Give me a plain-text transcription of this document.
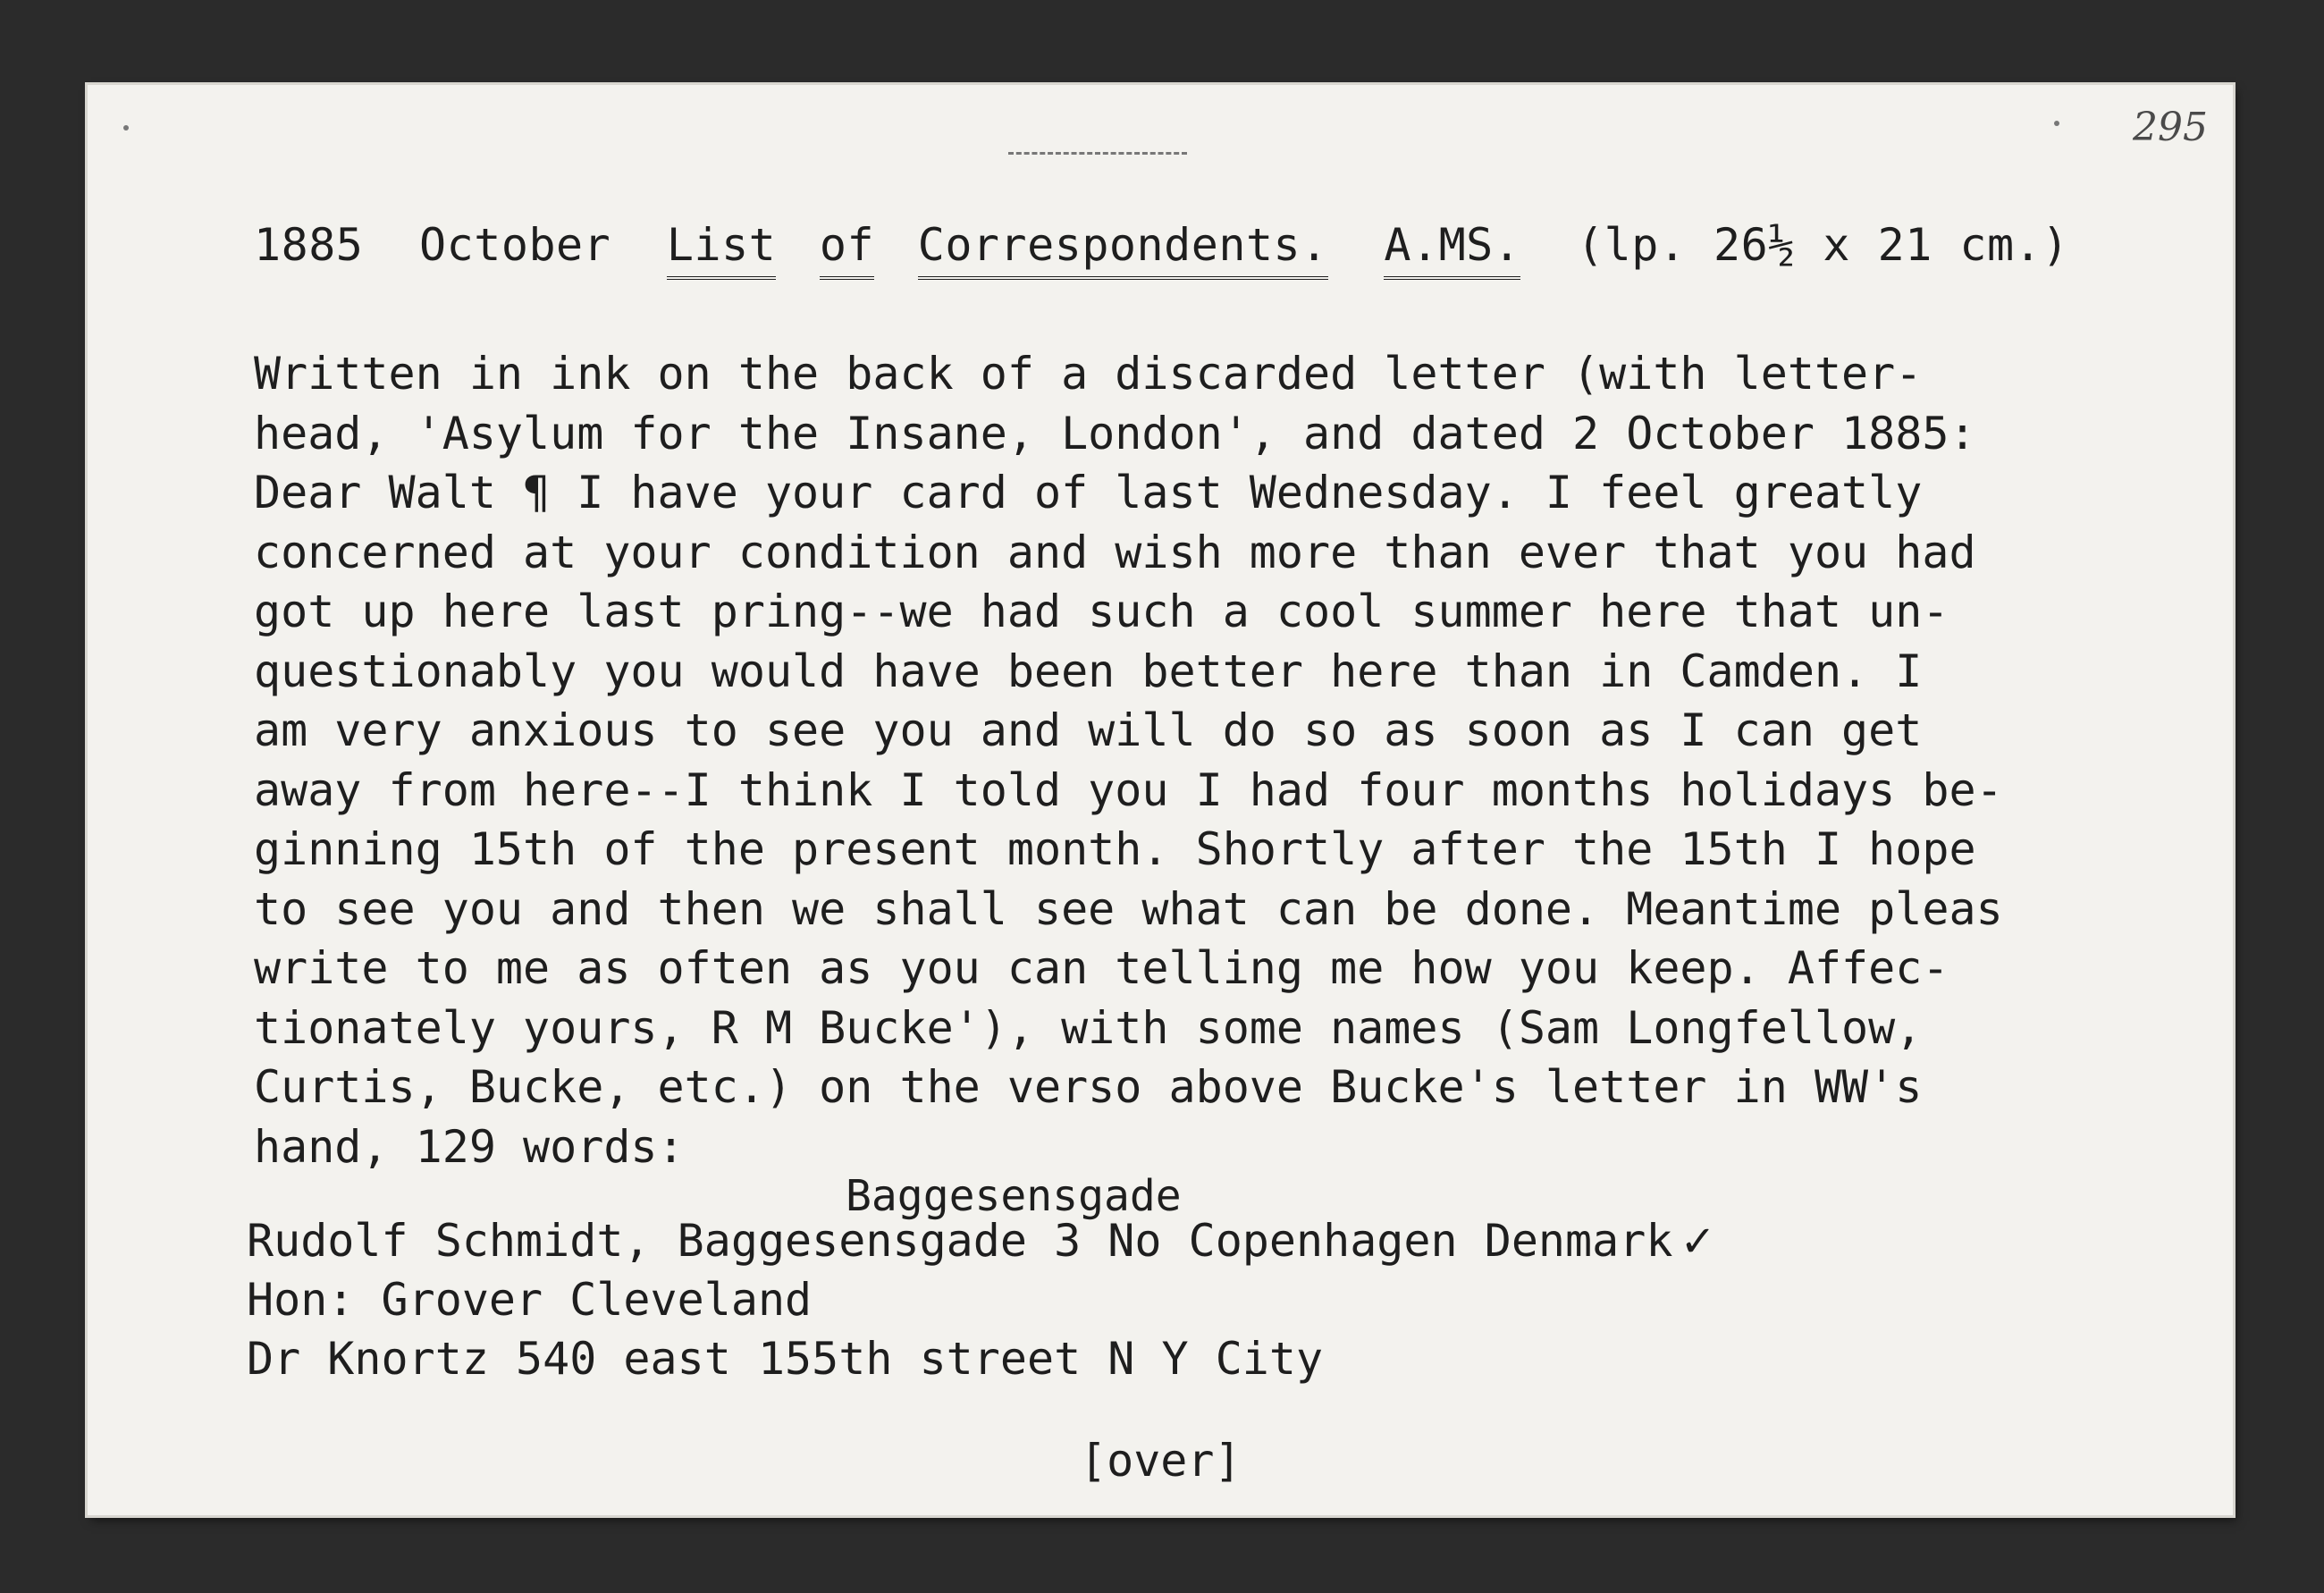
295
1885 October List of Correspondents. A.MS. (lp. 26½ x 21 cm.)
Written in ink on the back of a discarded letter (with letter-
head, 'Asylum for the Insane, London', and dated 2 October 1885:
Dear Walt ¶ I have your card of last Wednesday. I feel greatly
concerned at your condition and wish more than ever that you had
got up here last pring--we had such a cool summer here that un-
questionably you would have been better here than in Camden. I
am very anxious to see you and will do so as soon as I can get
away from here--I think I told you I had four months holidays be-
ginning 15th of the present month. Shortly after the 15th I hope
to see you and then we shall see what can be done. Meantime pleas
write to me as often as you can telling me how you keep. Affec-
tionately yours, R M Bucke'), with some names (Sam Longfellow,
Curtis, Bucke, etc.) on the verso above Bucke's letter in WW's
hand, 129 words:
Baggesensgade
Rudolf Schmidt, Baggesensgade 3 No Copenhagen Denmark ✓
Hon: Grover Cleveland
Dr Knortz 540 east 155th street N Y City
[over]
